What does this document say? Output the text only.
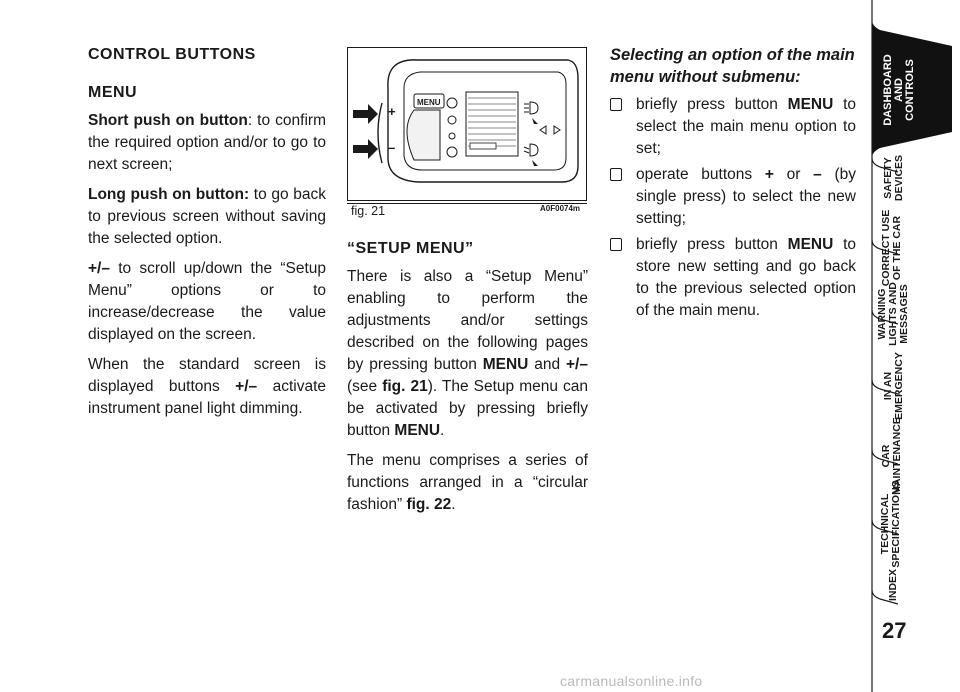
CONTROL BUTTONS
MENU

Short push on button: to confirm the required option and/or to go to next screen;

Long push on button: to go back to previous screen without saving the selected option.

+/– to scroll up/down the “Setup Menu” options or to increase/decrease the value displayed on the screen.

When the standard screen is displayed buttons +/– activate instrument panel light dimming.

+
–
MENU
fig. 21	A0F0074m
“SETUP MENU”

There is also a “Setup Menu” enabling to perform the adjustments and/or settings described on the following pages by pressing button MENU and +/– (see fig. 21). The Setup menu can be activated by pressing briefly button MENU.

The menu comprises a series of functions arranged in a “circular fashion” fig. 22.

Selecting an option of the main menu without submenu:
briefly press button MENU to select the main menu option to set;
operate buttons + or – (by single press) to select the new setting;
briefly press button MENU to store new setting and go back to the previous selected option of the main menu.
DASHBOARD
AND
CONTROLS
SAFETY
DEVICES
CORRECT USE
OF THE CAR
WARNING
LIGHTS AND
MESSAGES
IN AN
EMERGENCY
CAR
MAINTENANCE
TECHNICAL
SPECIFICATIONS
INDEX
27
carmanualsonline.info
